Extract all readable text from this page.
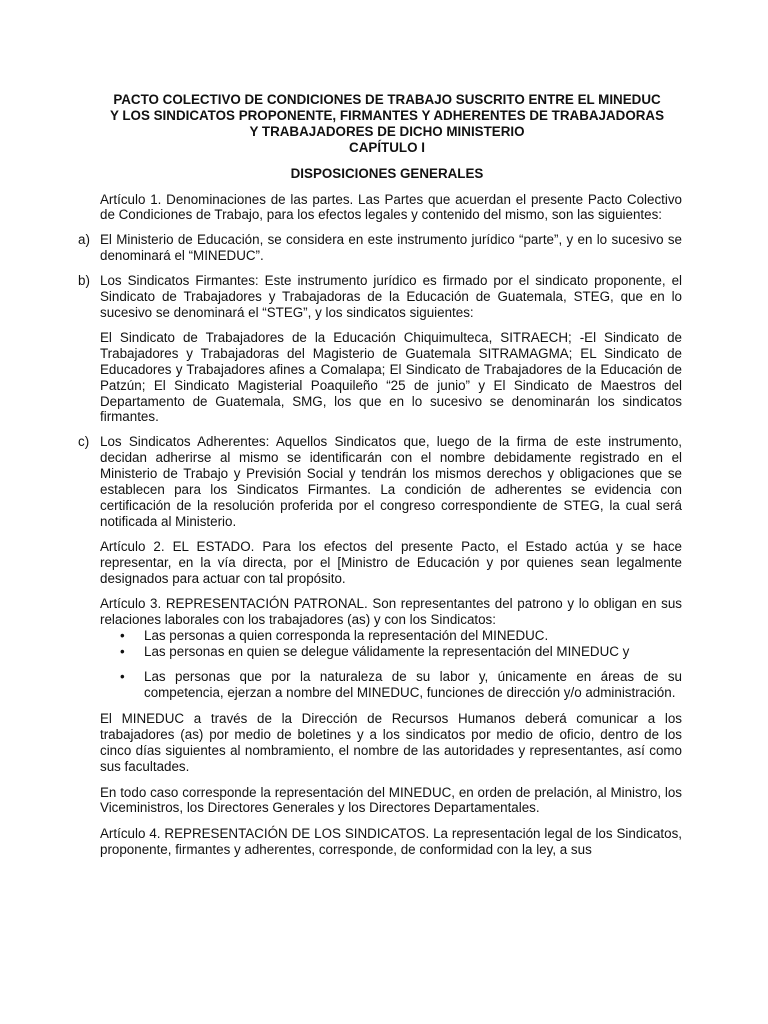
PACTO COLECTIVO DE CONDICIONES DE TRABAJO SUSCRITO ENTRE EL MINEDUC
Y LOS SINDICATOS PROPONENTE, FIRMANTES Y ADHERENTES DE TRABAJADORAS
Y TRABAJADORES DE DICHO MINISTERIO
CAPÍTULO I
DISPOSICIONES GENERALES

Artículo 1. Denominaciones de las partes. Las Partes que acuerdan el presente Pacto Colectivo de Condiciones de Trabajo, para los efectos legales y contenido del mismo, son las siguientes:

a) El Ministerio de Educación, se considera en este instrumento jurídico “parte”, y en lo sucesivo se denominará el “MINEDUC”.
b) Los Sindicatos Firmantes: Este instrumento jurídico es firmado por el sindicato proponente, el Sindicato de Trabajadores y Trabajadoras de la Educación de Guatemala, STEG, que en lo sucesivo se denominará el “STEG”, y los sindicatos siguientes:

El Sindicato de Trabajadores de la Educación Chiquimulteca, SITRAECH; -El Sindicato de Trabajadores y Trabajadoras del Magisterio de Guatemala SITRAMAGMA; EL Sindicato de Educadores y Trabajadores afines a Comalapa; El Sindicato de Trabajadores de la Educación de Patzún; El Sindicato Magisterial Poaquileño “25 de junio” y El Sindicato de Maestros del Departamento de Guatemala, SMG, los que en lo sucesivo se denominarán los sindicatos firmantes.

c) Los Sindicatos Adherentes: Aquellos Sindicatos que, luego de la firma de este instrumento, decidan adherirse al mismo se identificarán con el nombre debidamente registrado en el Ministerio de Trabajo y Previsión Social y tendrán los mismos derechos y obligaciones que se establecen para los Sindicatos Firmantes. La condición de adherentes se evidencia con certificación de la resolución proferida por el congreso correspondiente de STEG, la cual será notificada al Ministerio.

Artículo 2. EL ESTADO. Para los efectos del presente Pacto, el Estado actúa y se hace representar, en la vía directa, por el [Ministro de Educación y por quienes sean legalmente designados para actuar con tal propósito.

Artículo 3. REPRESENTACIÓN PATRONAL. Son representantes del patrono y lo obligan en sus relaciones laborales con los trabajadores (as) y con los Sindicatos:

• Las personas a quien corresponda la representación del MINEDUC.
• Las personas en quien se delegue válidamente la representación del MINEDUC y
• Las personas que por la naturaleza de su labor y, únicamente en áreas de su competencia, ejerzan a nombre del MINEDUC, funciones de dirección y/o administración.

El MINEDUC a través de la Dirección de Recursos Humanos deberá comunicar a los trabajadores (as) por medio de boletines y a los sindicatos por medio de oficio, dentro de los cinco días siguientes al nombramiento, el nombre de las autoridades y representantes, así como sus facultades.

En todo caso corresponde la representación del MINEDUC, en orden de prelación, al Ministro, los Viceministros, los Directores Generales y los Directores Departamentales.

Artículo 4. REPRESENTACIÓN DE LOS SINDICATOS. La representación legal de los Sindicatos, proponente, firmantes y adherentes, corresponde, de conformidad con la ley, a sus
